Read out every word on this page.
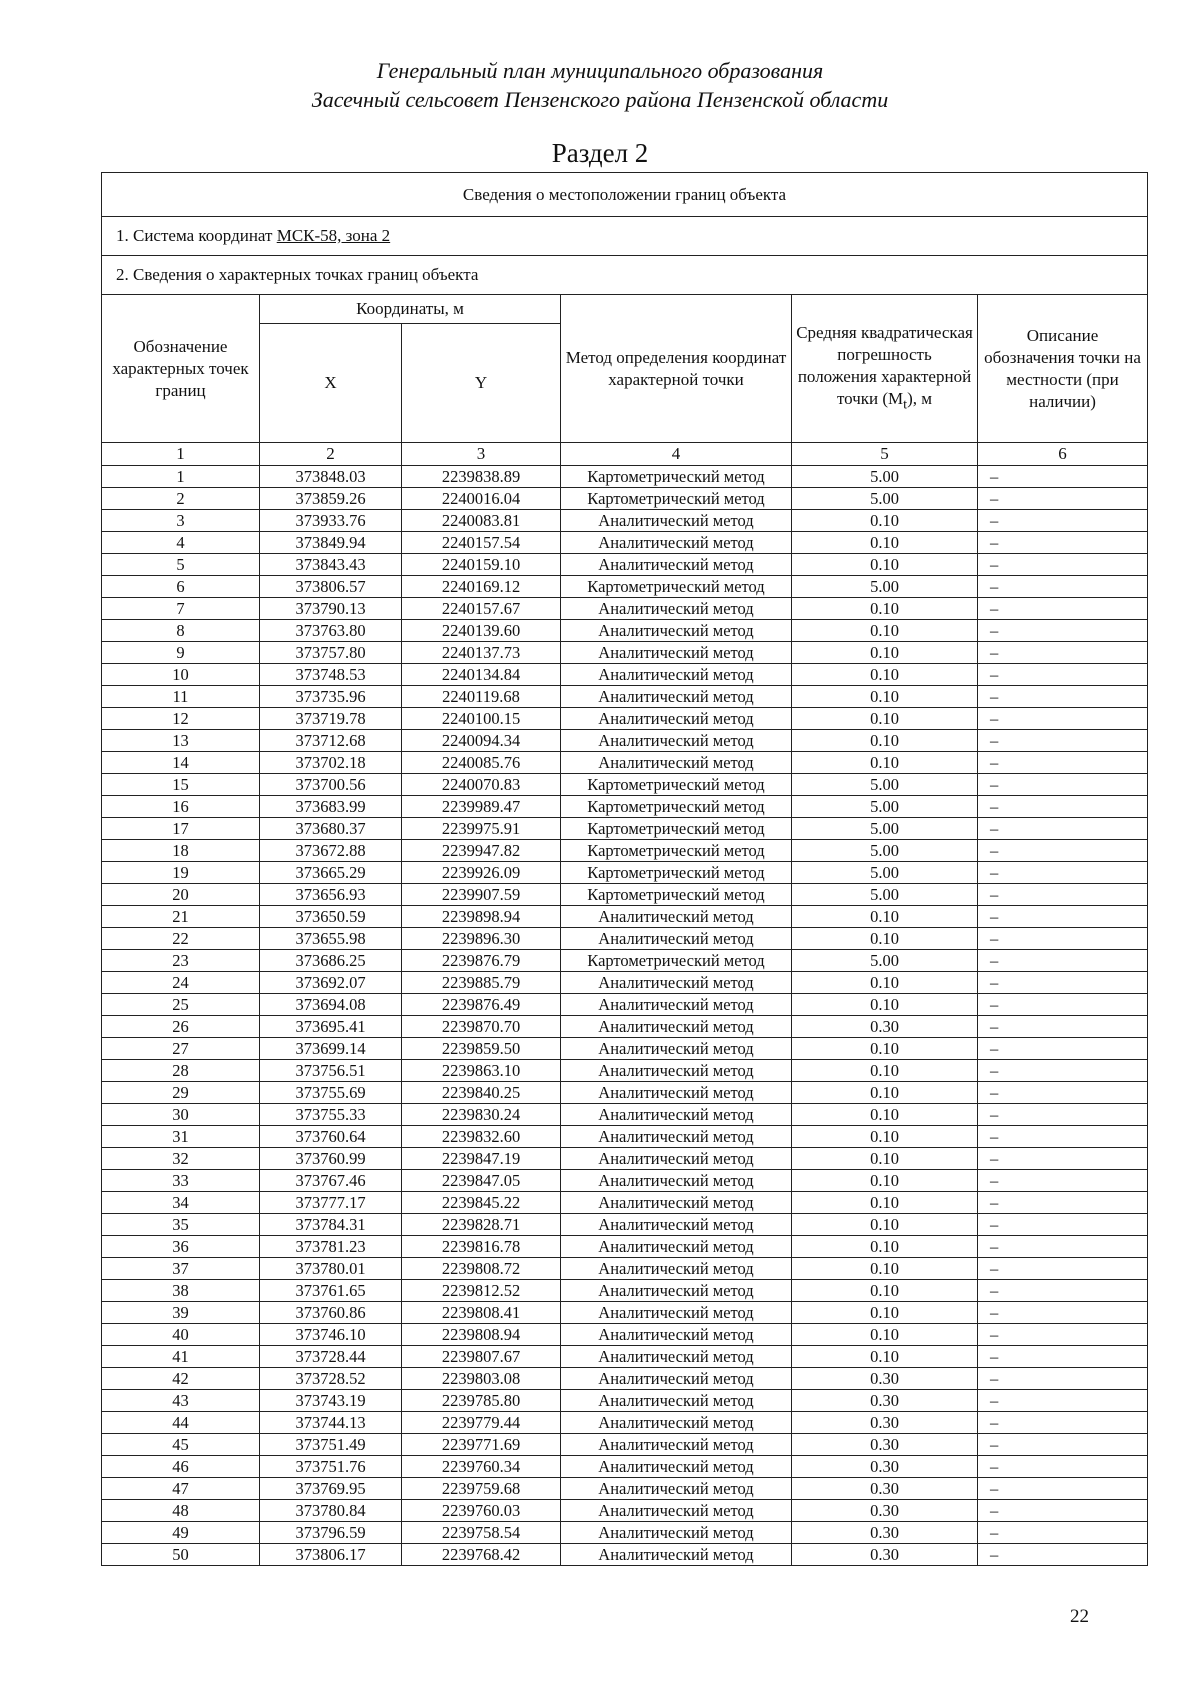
Генеральный план муниципального образования
Засечный сельсовет Пензенского района Пензенской области
Раздел 2
Сведения о местоположении границ объекта					
1. Система координат МСК-58, зона 2					
2. Сведения о характерных точках границ объекта					
Обозначение характерных точек границ	Координаты, м		Метод определения координат характерной точки	Средняя квадратическая погрешность положения характерной точки $(M_t)$, м	Описание обозначения точки на местности (при наличии)
	X	Y			
1	2	3	4	5	6
1	373848.03	2239838.89	Картометрический метод	5.00	–
2	373859.26	2240016.04	Картометрический метод	5.00	–
3	373933.76	2240083.81	Аналитический метод	0.10	–
4	373849.94	2240157.54	Аналитический метод	0.10	–
5	373843.43	2240159.10	Аналитический метод	0.10	–
6	373806.57	2240169.12	Картометрический метод	5.00	–
7	373790.13	2240157.67	Аналитический метод	0.10	–
8	373763.80	2240139.60	Аналитический метод	0.10	–
9	373757.80	2240137.73	Аналитический метод	0.10	–
10	373748.53	2240134.84	Аналитический метод	0.10	–
11	373735.96	2240119.68	Аналитический метод	0.10	–
12	373719.78	2240100.15	Аналитический метод	0.10	–
13	373712.68	2240094.34	Аналитический метод	0.10	–
14	373702.18	2240085.76	Аналитический метод	0.10	–
15	373700.56	2240070.83	Картометрический метод	5.00	–
16	373683.99	2239989.47	Картометрический метод	5.00	–
17	373680.37	2239975.91	Картометрический метод	5.00	–
18	373672.88	2239947.82	Картометрический метод	5.00	–
19	373665.29	2239926.09	Картометрический метод	5.00	–
20	373656.93	2239907.59	Картометрический метод	5.00	–
21	373650.59	2239898.94	Аналитический метод	0.10	–
22	373655.98	2239896.30	Аналитический метод	0.10	–
23	373686.25	2239876.79	Картометрический метод	5.00	–
24	373692.07	2239885.79	Аналитический метод	0.10	–
25	373694.08	2239876.49	Аналитический метод	0.10	–
26	373695.41	2239870.70	Аналитический метод	0.30	–
27	373699.14	2239859.50	Аналитический метод	0.10	–
28	373756.51	2239863.10	Аналитический метод	0.10	–
29	373755.69	2239840.25	Аналитический метод	0.10	–
30	373755.33	2239830.24	Аналитический метод	0.10	–
31	373760.64	2239832.60	Аналитический метод	0.10	–
32	373760.99	2239847.19	Аналитический метод	0.10	–
33	373767.46	2239847.05	Аналитический метод	0.10	–
34	373777.17	2239845.22	Аналитический метод	0.10	–
35	373784.31	2239828.71	Аналитический метод	0.10	–
36	373781.23	2239816.78	Аналитический метод	0.10	–
37	373780.01	2239808.72	Аналитический метод	0.10	–
38	373761.65	2239812.52	Аналитический метод	0.10	–
39	373760.86	2239808.41	Аналитический метод	0.10	–
40	373746.10	2239808.94	Аналитический метод	0.10	–
41	373728.44	2239807.67	Аналитический метод	0.10	–
42	373728.52	2239803.08	Аналитический метод	0.30	–
43	373743.19	2239785.80	Аналитический метод	0.30	–
44	373744.13	2239779.44	Аналитический метод	0.30	–
45	373751.49	2239771.69	Аналитический метод	0.30	–
46	373751.76	2239760.34	Аналитический метод	0.30	–
47	373769.95	2239759.68	Аналитический метод	0.30	–
48	373780.84	2239760.03	Аналитический метод	0.30	–
49	373796.59	2239758.54	Аналитический метод	0.30	–
50	373806.17	2239768.42	Аналитический метод	0.30	–
22
